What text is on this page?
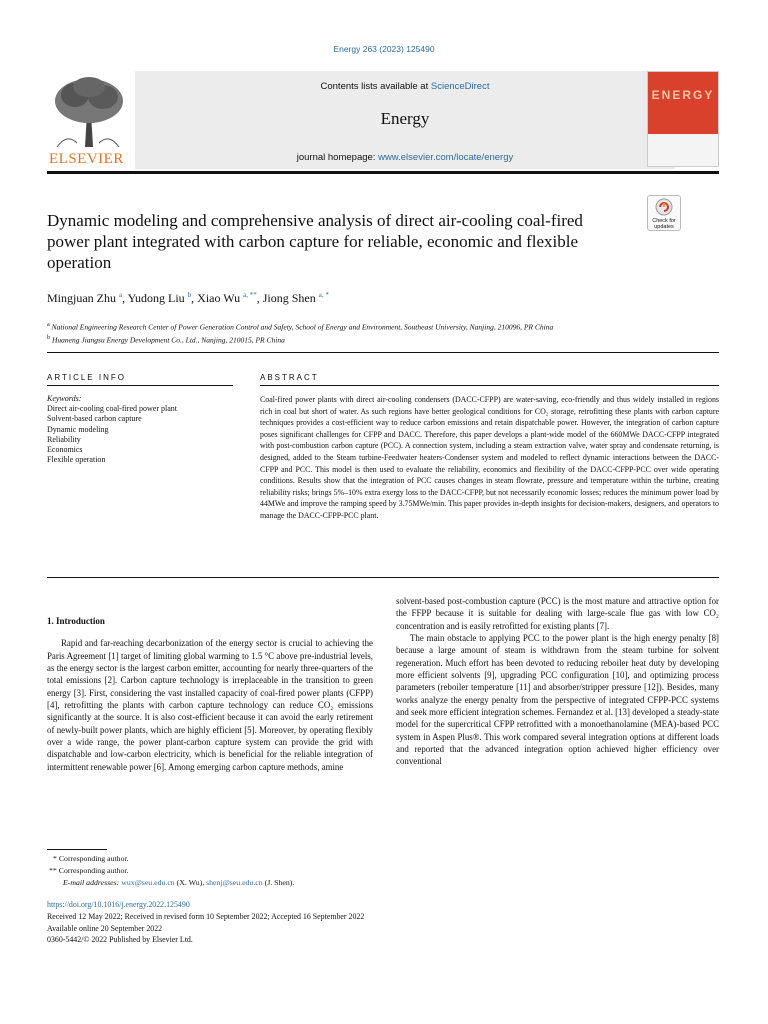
Energy 263 (2023) 125490
ELSEVIER
Contents lists available at ScienceDirect
Energy
journal homepage: www.elsevier.com/locate/energy
ENERGY
Dynamic modeling and comprehensive analysis of direct air-cooling coal-fired power plant integrated with carbon capture for reliable, economic and flexible operation
Check for updates
Mingjuan Zhu $^a$, Yudong Liu $^b$, Xiao Wu $^{a, **}$, Jiong Shen $^{a, *}$
$^a$ National Engineering Research Center of Power Generation Control and Safety, School of Energy and Environment, Southeast University, Nanjing, 210096, PR China
$^b$ Huaneng Jiangsu Energy Development Co., Ltd., Nanjing, 210015, PR China
ARTICLE INFO
Keywords:
Direct air-cooling coal-fired power plant
Solvent-based carbon capture
Dynamic modeling
Reliability
Economics
Flexible operation
ABSTRACT
Coal-fired power plants with direct air-cooling condensers (DACC-CFPP) are water-saving, eco-friendly and thus widely installed in regions rich in coal but short of water. As such regions have better geological conditions for CO₂ storage, retrofitting these plants with carbon capture techniques provides a cost-efficient way to reduce carbon emissions and retain dispatchable power. However, the integration of carbon capture poses significant challenges for CFPP and DACC. Therefore, this paper develops a plant-wide model of the 660MWe DACC-CFPP integrated with post-combustion carbon capture (PCC). A connection system, including a steam extraction valve, water spray and condensate returning, is designed, added to the Steam turbine-Feedwater heaters-Condenser system and modeled to reflect dynamic interactions between the DACC-CFPP and PCC. This model is then used to evaluate the reliability, economics and flexibility of the DACC-CFPP-PCC over wide operating conditions. Results show that the integration of PCC causes changes in steam flowrate, pressure and temperature within the turbine, creating reliability risks; brings 5%–10% extra exergy loss to the DACC-CFPP, but not necessarily economic losses; reduces the minimum power load by 44MWe and improve the ramping speed by 3.75MWe/min. This paper provides in-depth insights for decision-makers, designers, and operators to manage the DACC-CFPP-PCC plant.
1. Introduction

Rapid and far-reaching decarbonization of the energy sector is crucial to achieving the Paris Agreement [1] target of limiting global warming to 1.5 °C above pre-industrial levels, as the energy sector is the largest carbon emitter, accounting for nearly three-quarters of the total emissions [2]. Carbon capture technology is irreplaceable in the transition to green energy [3]. First, considering the vast installed capacity of coal-fired power plants (CFPP) [4], retrofitting the plants with carbon capture technology can reduce CO₂ emissions significantly at the source. It is also cost-efficient because it can avoid the early retirement of newly-built power plants, which are highly efficient [5]. Moreover, by operating flexibly over a wide range, the power plant-carbon capture system can provide the grid with dispatchable and low-carbon electricity, which is beneficial for the reliable integration of intermittent renewable power [6]. Among emerging carbon capture methods, amine

solvent-based post-combustion capture (PCC) is the most mature and attractive option for the FFPP because it is suitable for dealing with large-scale flue gas with low CO₂ concentration and is easily retrofitted for existing plants [7].

The main obstacle to applying PCC to the power plant is the high energy penalty [8] because a large amount of steam is withdrawn from the steam turbine for solvent regeneration. Much effort has been devoted to reducing reboiler heat duty by developing more efficient solvents [9], upgrading PCC configuration [10], and optimizing process parameters (reboiler temperature [11] and absorber/stripper pressure [12]). Besides, many works analyze the energy penalty from the perspective of integrated CFPP-PCC systems and seek more efficient integration schemes. Fernandez et al. [13] developed a steady-state model for the supercritical CFPP retrofitted with a monoethanolamine (MEA)-based PCC system in Aspen Plus®. This work compared several integration options at different loads and reported that the advanced integration option achieved higher efficiency over conventional

* Corresponding author.
** Corresponding author.
E-mail addresses: wux@seu.edu.cn (X. Wu), shenj@seu.edu.cn (J. Shen).
https://doi.org/10.1016/j.energy.2022.125490
Received 12 May 2022; Received in revised form 10 September 2022; Accepted 16 September 2022
Available online 20 September 2022
0360-5442/© 2022 Published by Elsevier Ltd.
